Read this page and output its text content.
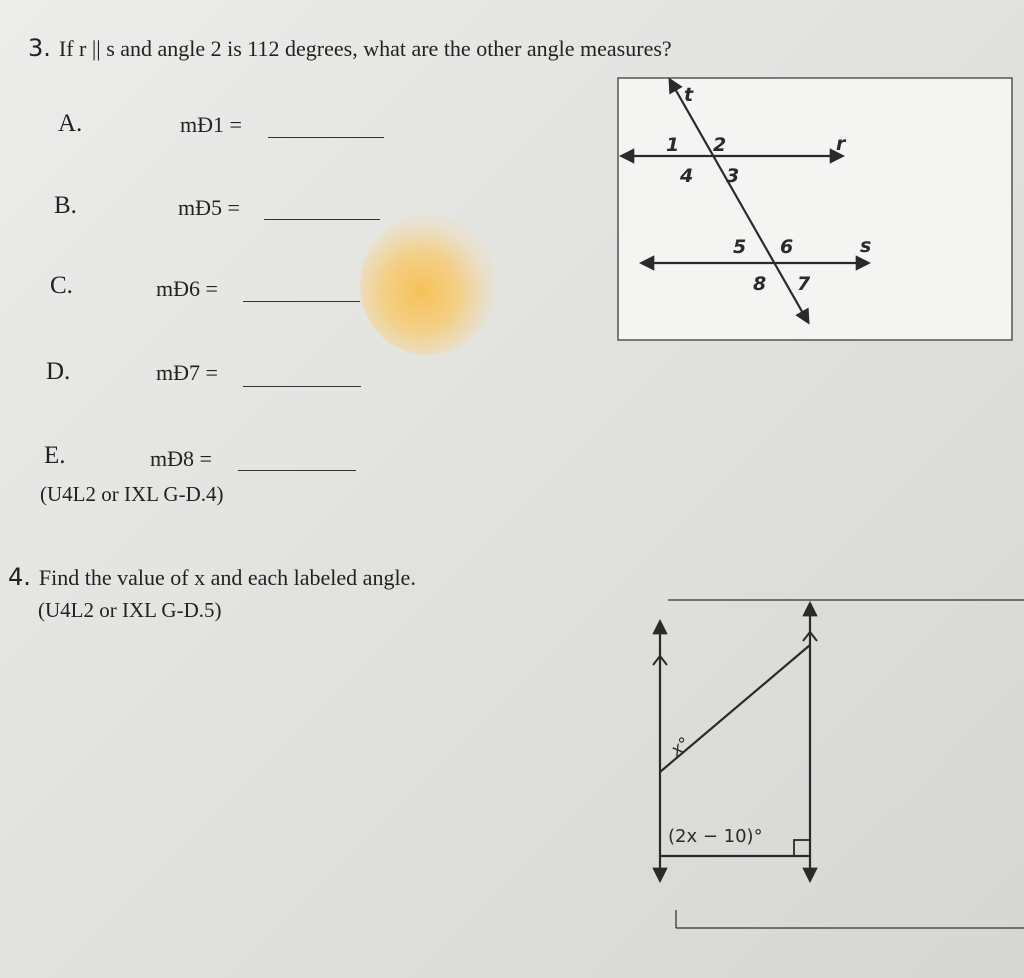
3. If r || s and angle 2 is 112 degrees, what are the other angle measures?
A.	mÐ1 =
B.	mÐ5 =
C.	mÐ6 =
D.	mÐ7 =
E.	mÐ8 =
(U4L2 or IXL G-D.4)
4. Find the value of x and each labeled angle.
(U4L2 or IXL G-D.5)
t
r
s
1 2
3
4
5 6
7
8
x°
(2x − 10)°
